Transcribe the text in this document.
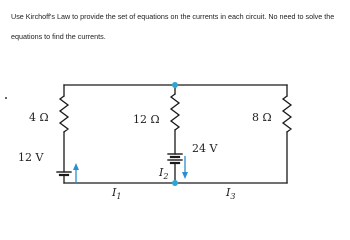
Use Kirchoff's Law to provide the set of equations on the currents in each circuit. No need to solve the equations to find the currents.

4 Ω
12 V
12 Ω
24 V
8 Ω
$I_1$
$I_2$
$I_3$
